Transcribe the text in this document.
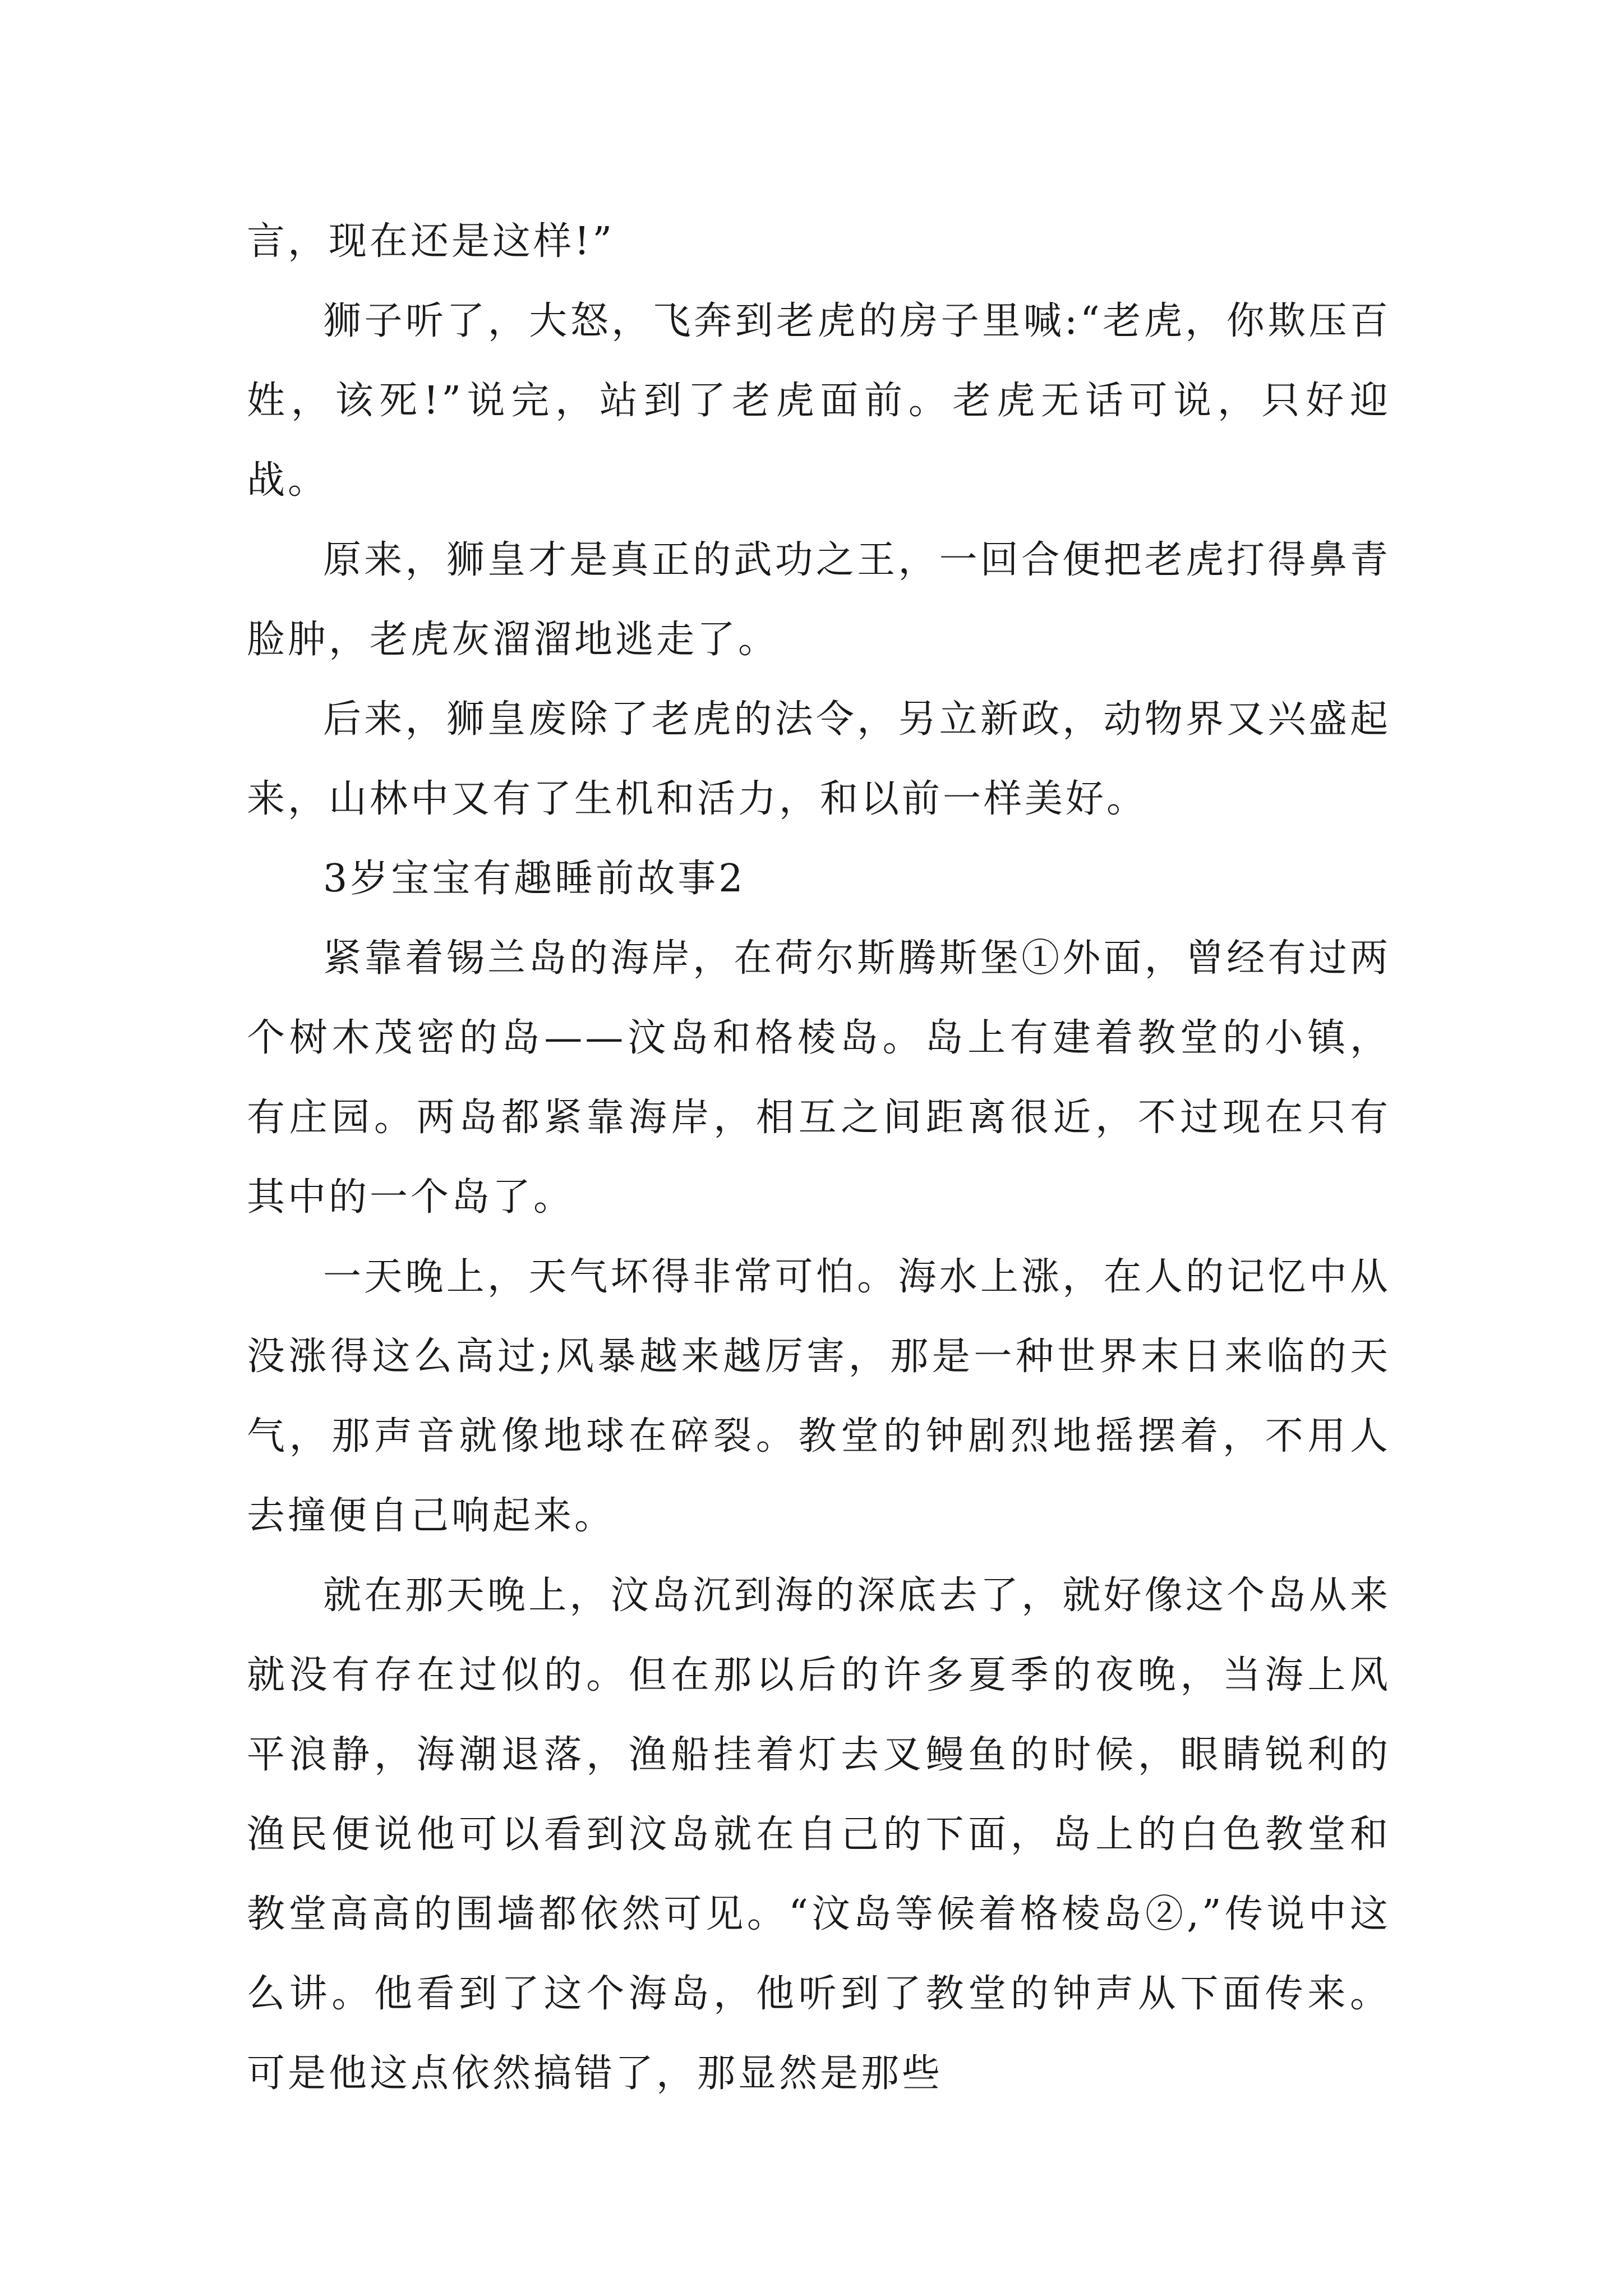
言，现在还是这样!”

狮子听了，大怒，飞奔到老虎的房子里喊:“老虎，你欺压百姓，该死!”说完，站到了老虎面前。老虎无话可说，只好迎战。

原来，狮皇才是真正的武功之王，一回合便把老虎打得鼻青脸肿，老虎灰溜溜地逃走了。

后来，狮皇废除了老虎的法令，另立新政，动物界又兴盛起来，山林中又有了生机和活力，和以前一样美好。

3岁宝宝有趣睡前故事2

紧靠着锡兰岛的海岸，在荷尔斯腾斯堡①外面，曾经有过两个树木茂密的岛——汶岛和格棱岛。岛上有建着教堂的小镇，有庄园。两岛都紧靠海岸，相互之间距离很近，不过现在只有其中的一个岛了。

一天晚上，天气坏得非常可怕。海水上涨，在人的记忆中从没涨得这么高过;风暴越来越厉害，那是一种世界末日来临的天气，那声音就像地球在碎裂。教堂的钟剧烈地摇摆着，不用人去撞便自己响起来。

就在那天晚上，汶岛沉到海的深底去了，就好像这个岛从来就没有存在过似的。但在那以后的许多夏季的夜晚，当海上风平浪静，海潮退落，渔船挂着灯去叉鳗鱼的时候，眼睛锐利的渔民便说他可以看到汶岛就在自己的下面，岛上的白色教堂和教堂高高的围墙都依然可见。“汶岛等候着格棱岛②,”传说中这么讲。他看到了这个海岛，他听到了教堂的钟声从下面传来。可是他这点依然搞错了，那显然是那些
